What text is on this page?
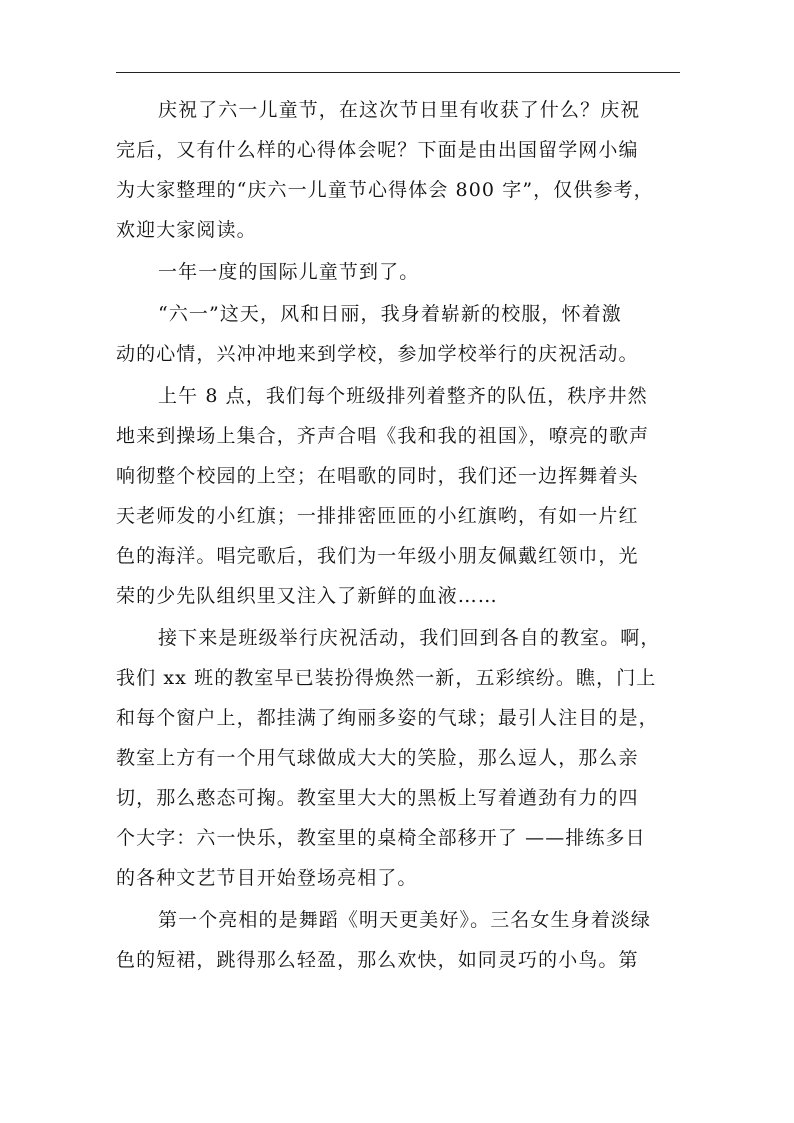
庆祝了六一儿童节，在这次节日里有收获了什么？庆祝
完后，又有什么样的心得体会呢？下面是由出国留学网小编
为大家整理的“庆六一儿童节心得体会 800 字”，仅供参考，
欢迎大家阅读。

一年一度的国际儿童节到了。

“六一”这天，风和日丽，我身着崭新的校服，怀着激
动的心情，兴冲冲地来到学校，参加学校举行的庆祝活动。

上午 8 点，我们每个班级排列着整齐的队伍，秩序井然
地来到操场上集合，齐声合唱《我和我的祖国》，嘹亮的歌声
响彻整个校园的上空；在唱歌的同时，我们还一边挥舞着头
天老师发的小红旗；一排排密匝匝的小红旗哟，有如一片红
色的海洋。唱完歌后，我们为一年级小朋友佩戴红领巾，光
荣的少先队组织里又注入了新鲜的血液……

接下来是班级举行庆祝活动，我们回到各自的教室。啊，
我们 xx 班的教室早已装扮得焕然一新，五彩缤纷。瞧，门上
和每个窗户上，都挂满了绚丽多姿的气球；最引人注目的是，
教室上方有一个用气球做成大大的笑脸，那么逗人，那么亲
切，那么憨态可掬。教室里大大的黑板上写着遒劲有力的四
个大字：六一快乐，教室里的桌椅全部移开了 ——排练多日
的各种文艺节目开始登场亮相了。

第一个亮相的是舞蹈《明天更美好》。三名女生身着淡绿
色的短裙，跳得那么轻盈，那么欢快，如同灵巧的小鸟。第
